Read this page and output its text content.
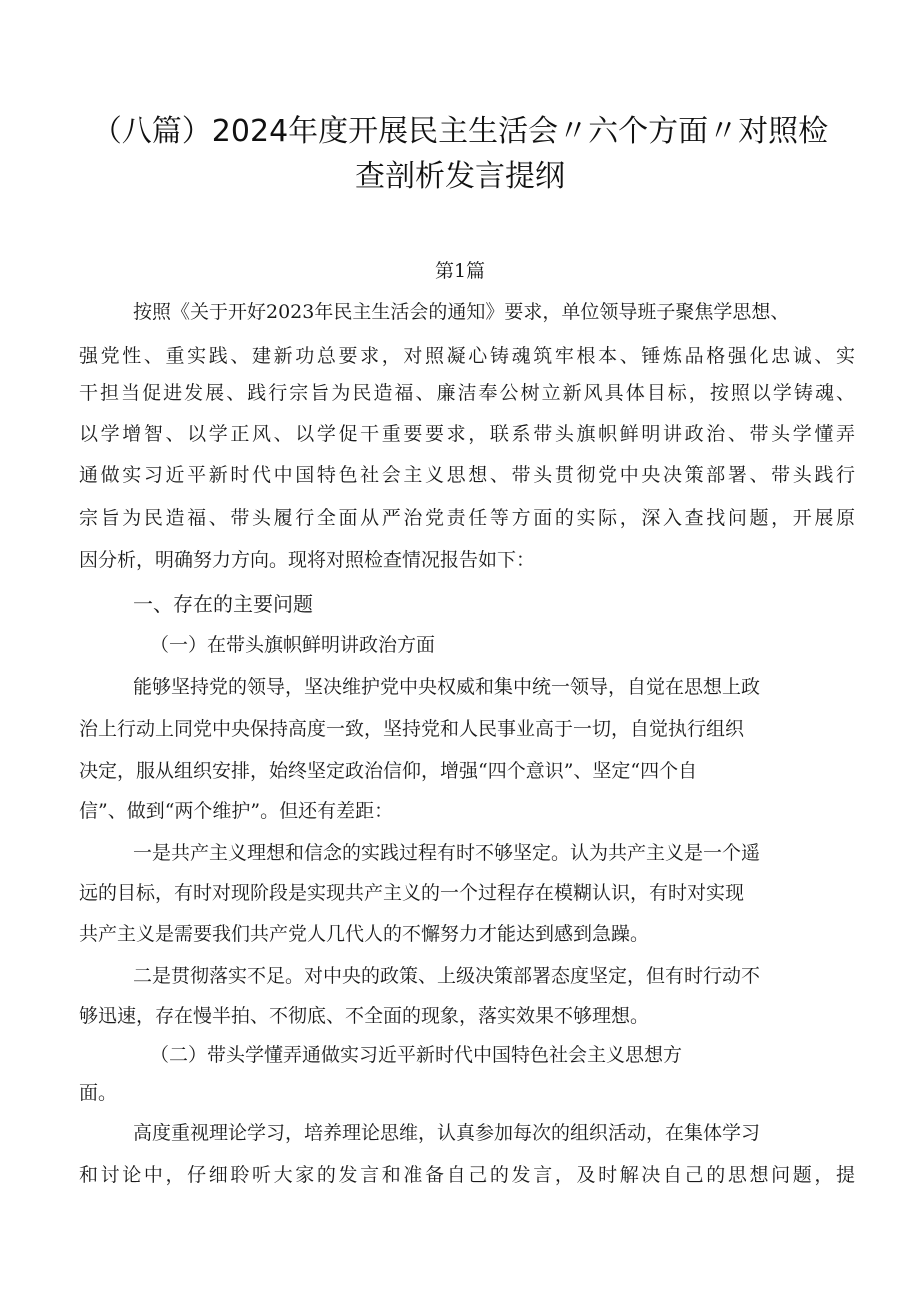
（八篇）2024年度开展民主生活会〃六个方面〃对照检
查剖析发言提纲
第1篇
按照《关于开好2023年民主生活会的通知》要求，单位领导班子聚焦学思想、
强党性、重实践、建新功总要求，对照凝心铸魂筑牢根本、锤炼品格强化忠诚、实
干担当促进发展、践行宗旨为民造福、廉洁奉公树立新风具体目标，按照以学铸魂、
以学增智、以学正风、以学促干重要要求，联系带头旗帜鲜明讲政治、带头学懂弄
通做实习近平新时代中国特色社会主义思想、带头贯彻党中央决策部署、带头践行
宗旨为民造福、带头履行全面从严治党责任等方面的实际，深入查找问题，开展原
因分析，明确努力方向。现将对照检查情况报告如下：
一、存在的主要问题
（一）在带头旗帜鲜明讲政治方面
能够坚持党的领导，坚决维护党中央权威和集中统一领导，自觉在思想上政
治上行动上同党中央保持高度一致，坚持党和人民事业高于一切，自觉执行组织
决定，服从组织安排，始终坚定政治信仰，增强“四个意识”、坚定“四个自
信”、做到“两个维护”。但还有差距：
一是共产主义理想和信念的实践过程有时不够坚定。认为共产主义是一个遥
远的目标，有时对现阶段是实现共产主义的一个过程存在模糊认识，有时对实现
共产主义是需要我们共产党人几代人的不懈努力才能达到感到急躁。
二是贯彻落实不足。对中央的政策、上级决策部署态度坚定，但有时行动不
够迅速，存在慢半拍、不彻底、不全面的现象，落实效果不够理想。
（二）带头学懂弄通做实习近平新时代中国特色社会主义思想方
面。
高度重视理论学习，培养理论思维，认真参加每次的组织活动，在集体学习
和讨论中，仔细聆听大家的发言和准备自己的发言，及时解决自己的思想问题，提
